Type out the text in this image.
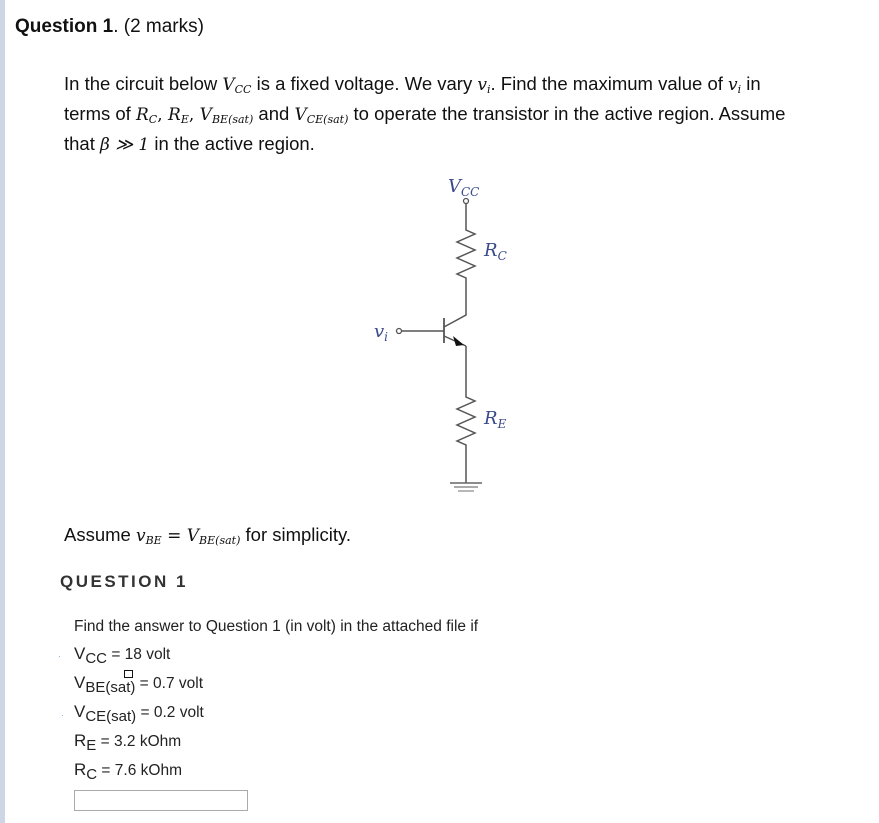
Question 1. (2 marks)
In the circuit below $V_{CC}$ is a fixed voltage. We vary $v_i$. Find the maximum value of $v_i$ in
terms of $R_C$, $R_E$, $V_{BE(sat)}$ and $V_{CE(sat)}$ to operate the transistor in the active region. Assume
that β ≫ 1 in the active region.
$V_{CC}$
$R_C$
$R_E$
$v_i$
Assume $v_{BE} = V_{BE(sat)}$ for simplicity.
QUESTION 1
Find the answer to Question 1 (in volt) in the attached file if
VCC = 18 volt
VBE(sat) = 0.7 volt
VCE(sat) = 0.2 volt
RE = 3.2 kOhm
RC = 7.6 kOhm
